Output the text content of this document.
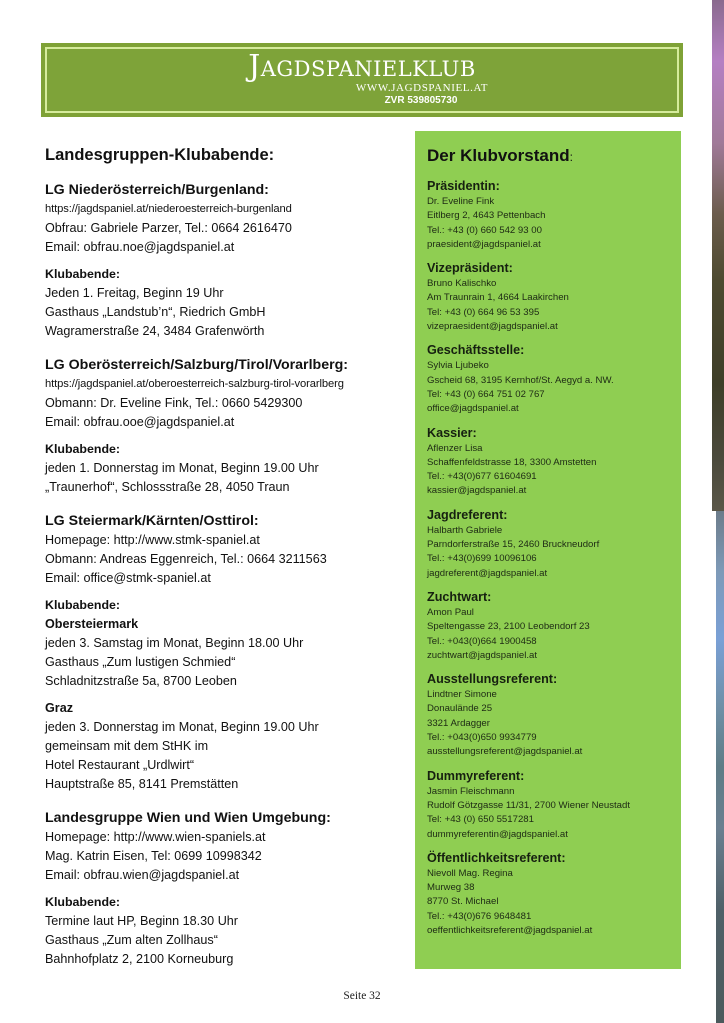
Jagdspanielklub
WWW.JAGDSPANIEL.AT
ZVR 539805730
Landesgruppen-Klubabende:
LG Niederösterreich/Burgenland:
https://jagdspaniel.at/niederoesterreich-burgenland
Obfrau: Gabriele Parzer, Tel.: 0664 2616470
Email: obfrau.noe@jagdspaniel.at
Klubabende:
Jeden 1. Freitag, Beginn 19 Uhr
Gasthaus „Landstub’n“, Riedrich GmbH
Wagramerstraße 24, 3484 Grafenwörth
LG Oberösterreich/Salzburg/Tirol/Vorarlberg:
https://jagdspaniel.at/oberoesterreich-salzburg-tirol-vorarlberg
Obmann: Dr. Eveline Fink, Tel.: 0660 5429300
Email: obfrau.ooe@jagdspaniel.at
Klubabende:
jeden 1. Donnerstag im Monat, Beginn 19.00 Uhr
„Traunerhof“, Schlossstraße 28, 4050 Traun
LG Steiermark/Kärnten/Osttirol:
Homepage: http://www.stmk-spaniel.at
Obmann: Andreas Eggenreich, Tel.: 0664 3211563
Email: office@stmk-spaniel.at
Klubabende:
Obersteiermark
jeden 3. Samstag im Monat, Beginn 18.00 Uhr
Gasthaus „Zum lustigen Schmied“
Schladnitzstraße 5a, 8700 Leoben
Graz
jeden 3. Donnerstag im Monat, Beginn 19.00 Uhr
gemeinsam mit dem StHK im
Hotel Restaurant „Urdlwirt“
Hauptstraße 85, 8141 Premstätten
Landesgruppe Wien und Wien Umgebung:
Homepage: http://www.wien-spaniels.at
Mag. Katrin Eisen, Tel: 0699 10998342
Email: obfrau.wien@jagdspaniel.at
Klubabende:
Termine laut HP, Beginn 18.30 Uhr
Gasthaus „Zum alten Zollhaus“
Bahnhofplatz 2, 2100 Korneuburg
Der Klubvorstand:
Präsidentin:
Dr. Eveline Fink
Eitlberg 2, 4643 Pettenbach
Tel.: +43 (0) 660 542 93 00
praesident@jagdspaniel.at
Vizepräsident:
Bruno Kalischko
Am Traunrain 1, 4664 Laakirchen
Tel: +43 (0) 664 96 53 395
vizepraesident@jagdspaniel.at
Geschäftsstelle:
Sylvia Ljubeko
Gscheid 68, 3195 Kernhof/St. Aegyd a. NW.
Tel: +43 (0) 664 751 02 767
office@jagdspaniel.at
Kassier:
Aflenzer Lisa
Schaffenfeldstrasse 18, 3300 Amstetten
Tel.: +43(0)677 61604691
kassier@jagdspaniel.at
Jagdreferent:
Halbarth Gabriele
Parndorferstraße 15, 2460 Bruckneudorf
Tel.: +43(0)699 10096106
jagdreferent@jagdspaniel.at
Zuchtwart:
Amon Paul
Speltengasse 23, 2100 Leobendorf 23
Tel.: +043(0)664 1900458
zuchtwart@jagdspaniel.at
Ausstellungsreferent:
Lindtner Simone
Donaulände 25
3321 Ardagger
Tel.: +043(0)650 9934779
ausstellungsreferent@jagdspaniel.at
Dummyreferent:
Jasmin Fleischmann
Rudolf Götzgasse 11/31, 2700 Wiener Neustadt
Tel: +43 (0) 650 5517281
dummyreferentin@jagdspaniel.at
Öffentlichkeitsreferent:
Nievoll Mag. Regina
Murweg 38
8770 St. Michael
Tel.: +43(0)676 9648481
oeffentlichkeitsreferent@jagdspaniel.at
Seite 32
